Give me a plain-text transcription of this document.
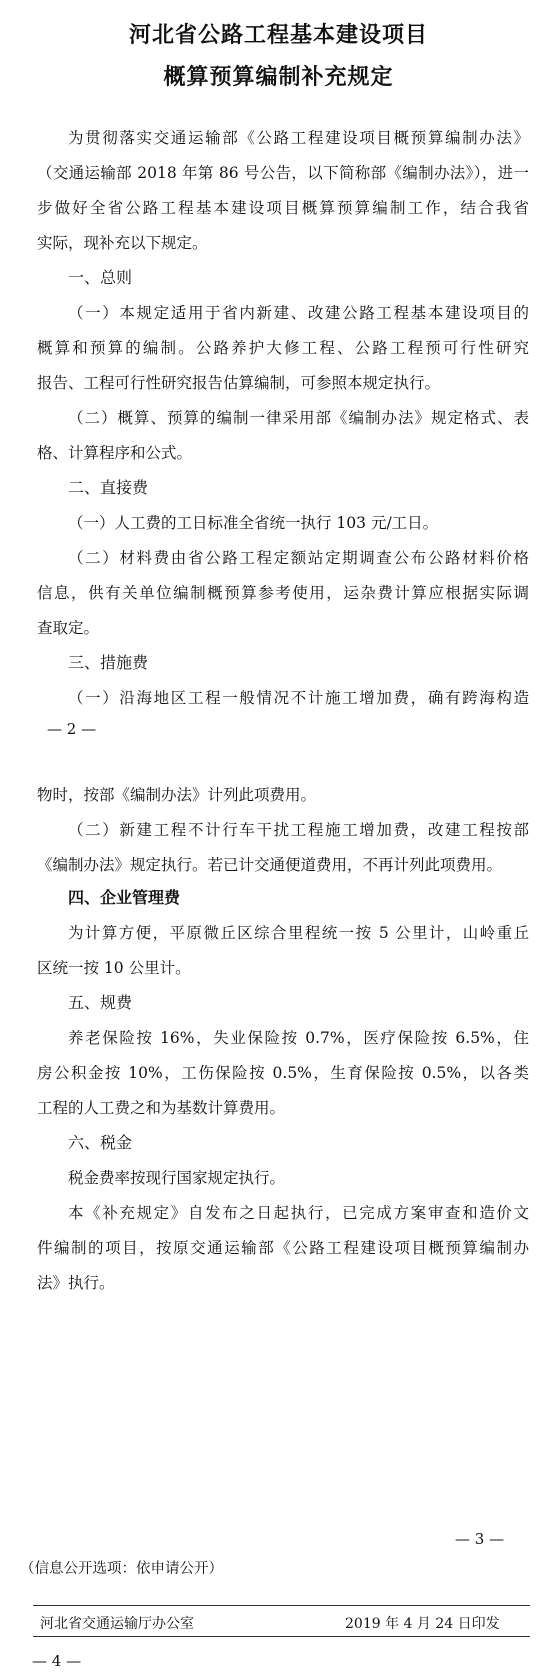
河北省公路工程基本建设项目
概算预算编制补充规定
为贯彻落实交通运输部《公路工程建设项目概预算编制办法》
（交通运输部 2018 年第 86 号公告，以下简称部《编制办法》），进一
步做好全省公路工程基本建设项目概算预算编制工作，结合我省
实际，现补充以下规定。
一、总则
（一）本规定适用于省内新建、改建公路工程基本建设项目的
概算和预算的编制。公路养护大修工程、公路工程预可行性研究
报告、工程可行性研究报告估算编制，可参照本规定执行。
（二）概算、预算的编制一律采用部《编制办法》规定格式、表
格、计算程序和公式。
二、直接费
（一）人工费的工日标准全省统一执行 103 元/工日。
（二）材料费由省公路工程定额站定期调查公布公路材料价格
信息，供有关单位编制概预算参考使用，运杂费计算应根据实际调
查取定。
三、措施费
（一）沿海地区工程一般情况不计施工增加费，确有跨海构造
— 2 —
物时，按部《编制办法》计列此项费用。
（二）新建工程不计行车干扰工程施工增加费，改建工程按部
《编制办法》规定执行。若已计交通便道费用，不再计列此项费用。
四、企业管理费
为计算方便，平原微丘区综合里程统一按 5 公里计，山岭重丘
区统一按 10 公里计。
五、规费
养老保险按 16%，失业保险按 0.7%，医疗保险按 6.5%，住
房公积金按 10%，工伤保险按 0.5%，生育保险按 0.5%，以各类
工程的人工费之和为基数计算费用。
六、税金
税金费率按现行国家规定执行。
本《补充规定》自发布之日起执行，已完成方案审查和造价文
件编制的项目，按原交通运输部《公路工程建设项目概预算编制办
法》执行。
— 3 —
（信息公开选项：依申请公开）
河北省交通运输厅办公室	2019 年 4 月 24 日印发
— 4 —
